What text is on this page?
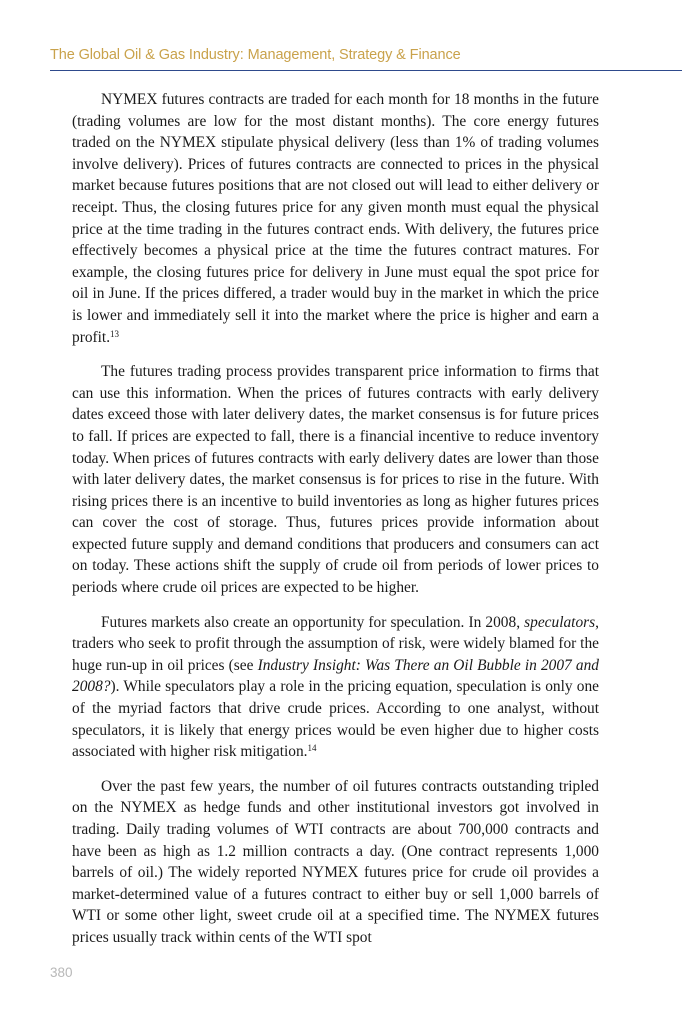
The Global Oil & Gas Industry: Management, Strategy & Finance

NYMEX futures contracts are traded for each month for 18 months in the future (trading volumes are low for the most distant months). The core energy futures traded on the NYMEX stipulate physical delivery (less than 1% of trading volumes involve delivery). Prices of futures contracts are connected to prices in the physical market because futures positions that are not closed out will lead to either delivery or receipt. Thus, the closing futures price for any given month must equal the physical price at the time trading in the futures contract ends. With delivery, the futures price effectively becomes a physical price at the time the futures contract matures. For example, the closing futures price for delivery in June must equal the spot price for oil in June. If the prices differed, a trader would buy in the market in which the price is lower and immediately sell it into the market where the price is higher and earn a profit.$^{13}$

The futures trading process provides transparent price information to firms that can use this information. When the prices of futures contracts with early delivery dates exceed those with later delivery dates, the market consensus is for future prices to fall. If prices are expected to fall, there is a financial incentive to reduce inventory today. When prices of futures contracts with early delivery dates are lower than those with later delivery dates, the market consensus is for prices to rise in the future. With rising prices there is an incentive to build inventories as long as higher futures prices can cover the cost of storage. Thus, futures prices provide information about expected future supply and demand conditions that producers and consumers can act on today. These actions shift the supply of crude oil from periods of lower prices to periods where crude oil prices are expected to be higher.

Futures markets also create an opportunity for speculation. In 2008, speculators, traders who seek to profit through the assumption of risk, were widely blamed for the huge run-up in oil prices (see Industry Insight: Was There an Oil Bubble in 2007 and 2008?). While speculators play a role in the pricing equation, speculation is only one of the myriad factors that drive crude prices. According to one analyst, without speculators, it is likely that energy prices would be even higher due to higher costs associated with higher risk mitigation.$^{14}$

Over the past few years, the number of oil futures contracts outstanding tripled on the NYMEX as hedge funds and other institutional investors got involved in trading. Daily trading volumes of WTI contracts are about 700,000 contracts and have been as high as 1.2 million contracts a day. (One contract represents 1,000 barrels of oil.) The widely reported NYMEX futures price for crude oil provides a market-determined value of a futures contract to either buy or sell 1,000 barrels of WTI or some other light, sweet crude oil at a specified time. The NYMEX futures prices usually track within cents of the WTI spot

380
